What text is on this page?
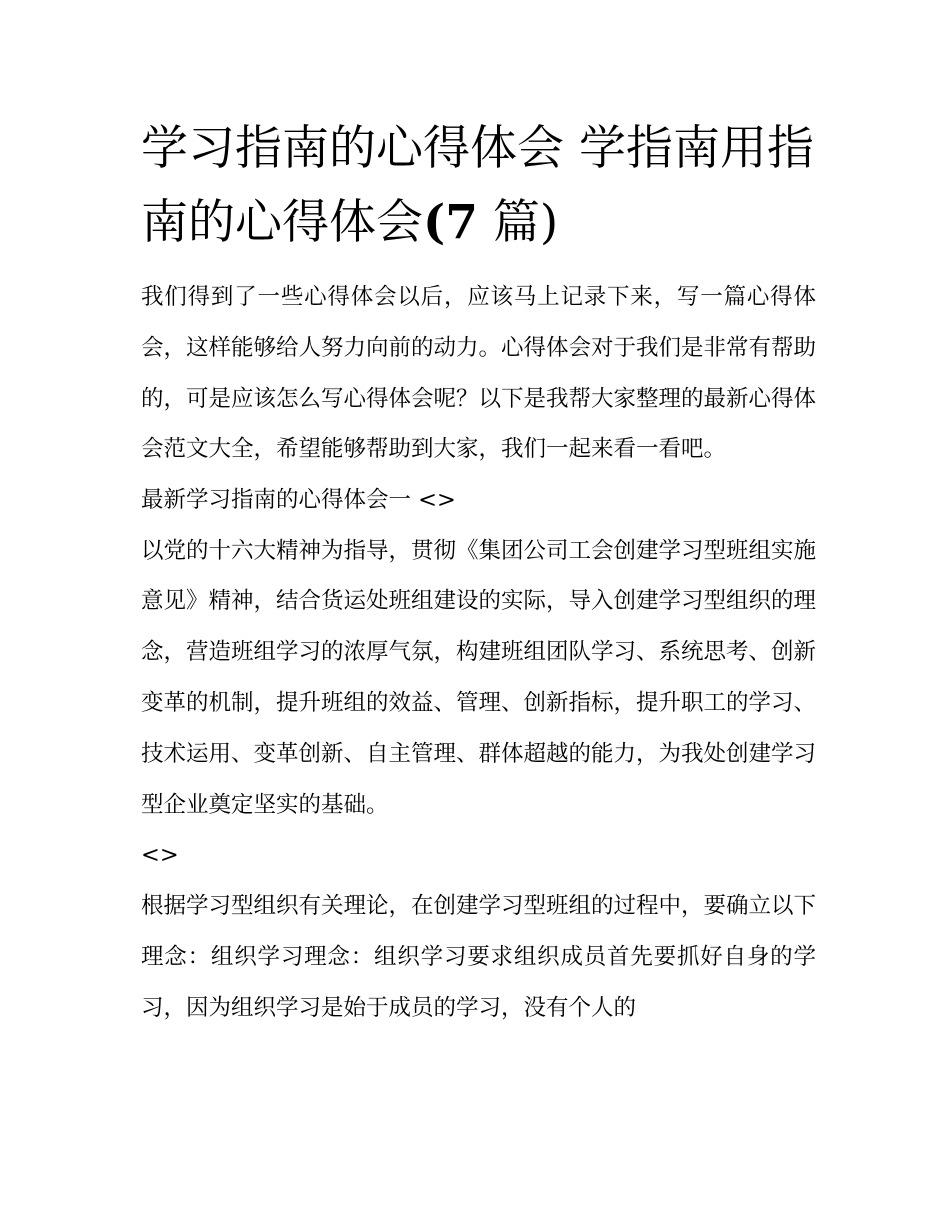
学习指南的心得体会 学指南用指南的心得体会(7 篇)

我们得到了一些心得体会以后，应该马上记录下来，写一篇心得体会，这样能够给人努力向前的动力。心得体会对于我们是非常有帮助的，可是应该怎么写心得体会呢？以下是我帮大家整理的最新心得体会范文大全，希望能够帮助到大家，我们一起来看一看吧。

最新学习指南的心得体会一 <>

以党的十六大精神为指导，贯彻《集团公司工会创建学习型班组实施意见》精神，结合货运处班组建设的实际，导入创建学习型组织的理念，营造班组学习的浓厚气氛，构建班组团队学习、系统思考、创新变革的机制，提升班组的效益、管理、创新指标，提升职工的学习、技术运用、变革创新、自主管理、群体超越的能力，为我处创建学习型企业奠定坚实的基础。

<>

根据学习型组织有关理论，在创建学习型班组的过程中，要确立以下理念：组织学习理念：组织学习要求组织成员首先要抓好自身的学习，因为组织学习是始于成员的学习，没有个人的
